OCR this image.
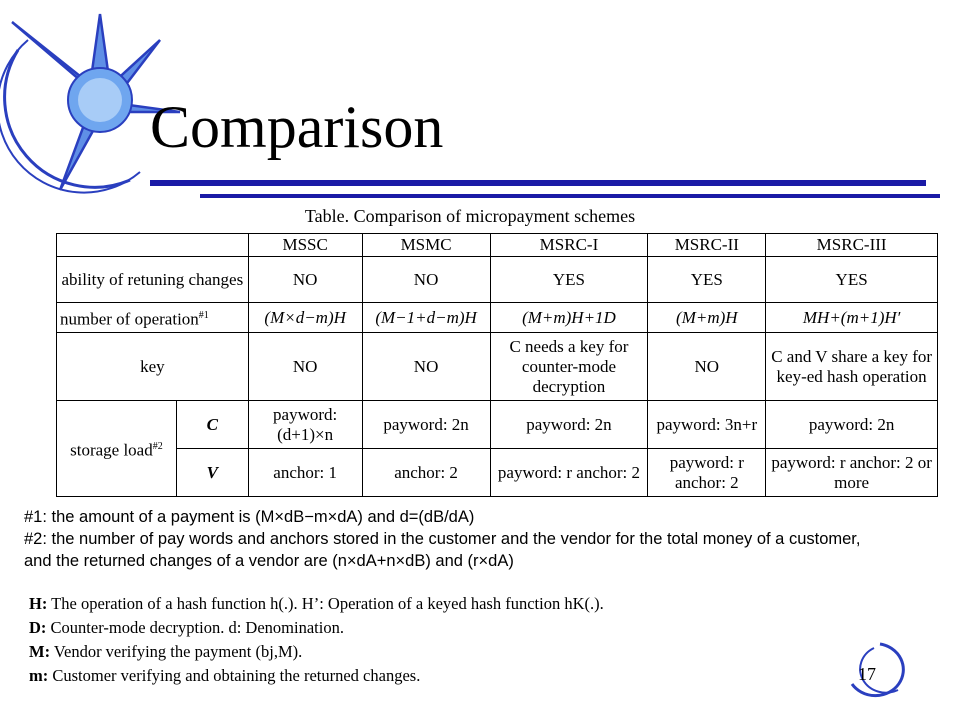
Comparison
Table. Comparison of micropayment schemes
		MSSC	MSMC	MSRC-I	MSRC-II	MSRC-III
ability of retuning changes		NO	NO	YES	YES	YES
number of operation$^{\#1}$		(M×d−m)H	(M−1+d−m)H	(M+m)H+1D	(M+m)H	MH+(m+1)H′
key		NO	NO	C needs a key for counter-mode decryption	NO	C and V share a key for key-ed hash operation
storage load$^{\#2}$	C	payword: (d+1)×n	payword: 2n	payword: 2n	payword: 3n+r	payword: 2n
	V	anchor: 1	anchor: 2	payword: r anchor: 2	payword: r anchor: 2	payword: r anchor: 2 or more
#1: the amount of a payment is (M×dB−m×dA) and d=(dB/dA)
#2: the number of pay words and anchors stored in the customer and the vendor for the total money of a customer,
and the returned changes of a vendor are (n×dA+n×dB) and (r×dA)
H: The operation of a hash function h(.). H’: Operation of a keyed hash function hK(.).
D: Counter-mode decryption. d: Denomination.
M: Vendor verifying the payment (bj,M).
m: Customer verifying and obtaining the returned changes.	17
